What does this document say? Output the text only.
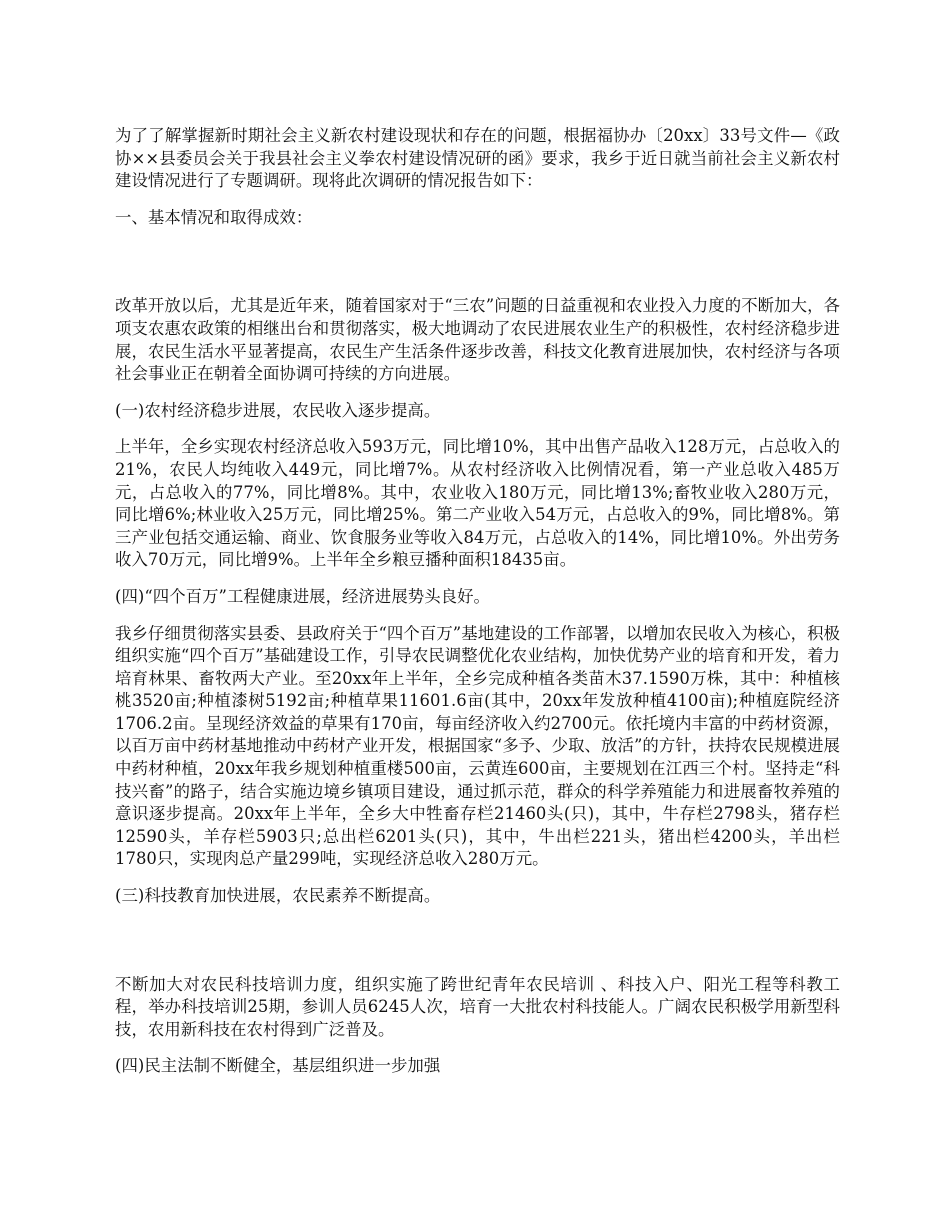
为了了解掌握新时期社会主义新农村建设现状和存在的问题，根据福协办〔20xx〕33号文件—《政协××县委员会关于我县社会主义拳农村建设情况研的函》要求，我乡于近日就当前社会主义新农村建设情况进行了专题调研。现将此次调研的情况报告如下：

一、基本情况和取得成效：

改革开放以后，尤其是近年来，随着国家对于“三农”问题的日益重视和农业投入力度的不断加大，各项支农惠农政策的相继出台和贯彻落实，极大地调动了农民进展农业生产的积极性，农村经济稳步进展，农民生活水平显著提高，农民生产生活条件逐步改善，科技文化教育进展加快，农村经济与各项社会事业正在朝着全面协调可持续的方向进展。

(一)农村经济稳步进展，农民收入逐步提高。

上半年，全乡实现农村经济总收入593万元，同比增10%，其中出售产品收入128万元，占总收入的21%，农民人均纯收入449元，同比增7%。从农村经济收入比例情况看，第一产业总收入485万元，占总收入的77%，同比增8%。其中，农业收入180万元，同比增13%;畜牧业收入280万元，同比增6%;林业收入25万元，同比增25%。第二产业收入54万元，占总收入的9%，同比增8%。第三产业包括交通运输、商业、饮食服务业等收入84万元，占总收入的14%，同比增10%。外出劳务收入70万元，同比增9%。上半年全乡粮豆播种面积18435亩。

(四)“四个百万”工程健康进展，经济进展势头良好。

我乡仔细贯彻落实县委、县政府关于“四个百万”基地建设的工作部署，以增加农民收入为核心，积极组织实施“四个百万”基础建设工作，引导农民调整优化农业结构，加快优势产业的培育和开发，着力培育林果、畜牧两大产业。至20xx年上半年，全乡完成种植各类苗木37.1590万株，其中：种植核桃3520亩;种植漆树5192亩;种植草果11601.6亩(其中，20xx年发放种植4100亩);种植庭院经济1706.2亩。呈现经济效益的草果有170亩，每亩经济收入约2700元。依托境内丰富的中药材资源，以百万亩中药材基地推动中药材产业开发，根据国家“多予、少取、放活”的方针，扶持农民规模进展中药材种植，20xx年我乡规划种植重楼500亩，云黄连600亩，主要规划在江西三个村。坚持走“科技兴畜”的路子，结合实施边境乡镇项目建设，通过抓示范，群众的科学养殖能力和进展畜牧养殖的意识逐步提高。20xx年上半年，全乡大中牲畜存栏21460头(只)，其中，牛存栏2798头，猪存栏12590头，羊存栏5903只;总出栏6201头(只)，其中，牛出栏221头，猪出栏4200头，羊出栏1780只，实现肉总产量299吨，实现经济总收入280万元。

(三)科技教育加快进展，农民素养不断提高。

不断加大对农民科技培训力度，组织实施了跨世纪青年农民培训 、科技入户、阳光工程等科教工程，举办科技培训25期，参训人员6245人次，培育一大批农村科技能人。广阔农民积极学用新型科技，农用新科技在农村得到广泛普及。

(四)民主法制不断健全，基层组织进一步加强
